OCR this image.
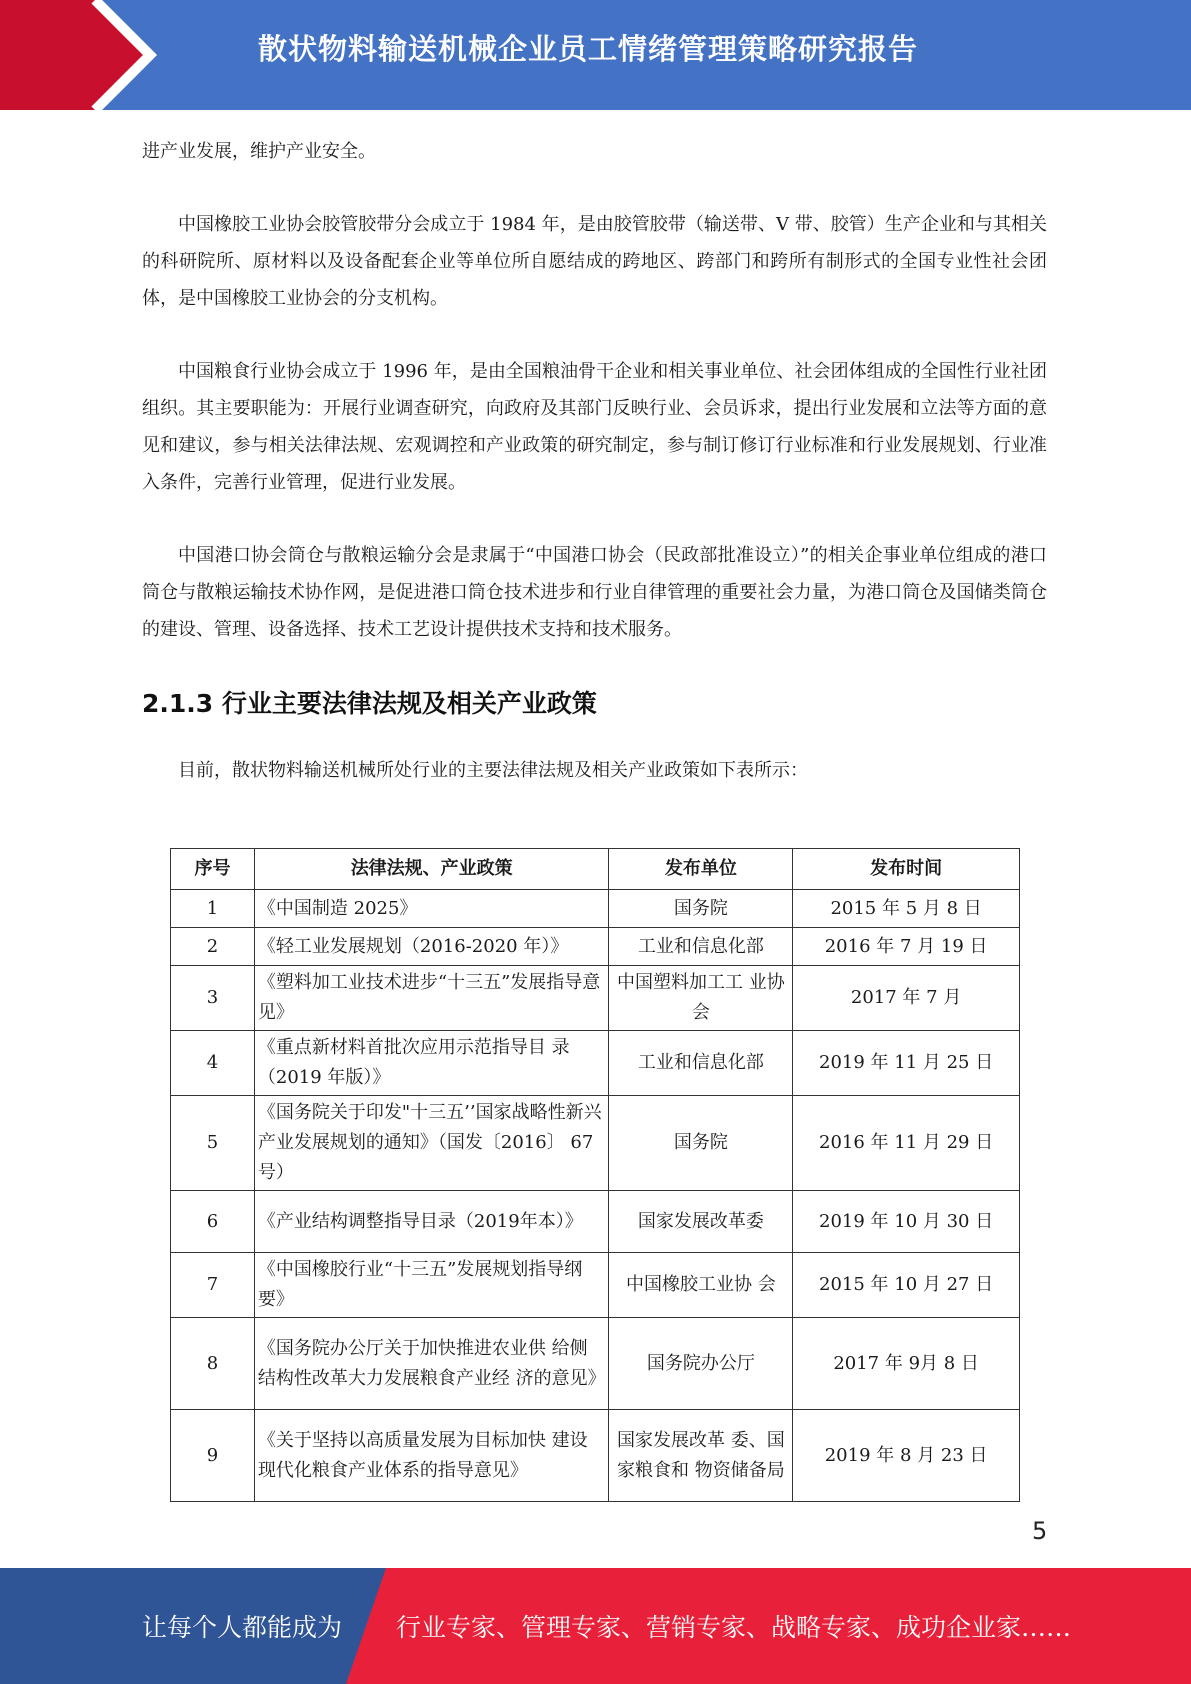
散状物料输送机械企业员工情绪管理策略研究报告

进产业发展，维护产业安全。

中国橡胶工业协会胶管胶带分会成立于 1984 年，是由胶管胶带（输送带、V 带、胶管）生产企业和与其相关的科研院所、原材料以及设备配套企业等单位所自愿结成的跨地区、跨部门和跨所有制形式的全国专业性社会团体，是中国橡胶工业协会的分支机构。

中国粮食行业协会成立于 1996 年，是由全国粮油骨干企业和相关事业单位、社会团体组成的全国性行业社团组织。其主要职能为：开展行业调查研究，向政府及其部门反映行业、会员诉求，提出行业发展和立法等方面的意见和建议，参与相关法律法规、宏观调控和产业政策的研究制定，参与制订修订行业标准和行业发展规划、行业准入条件，完善行业管理，促进行业发展。

中国港口协会筒仓与散粮运输分会是隶属于“中国港口协会（民政部批准设立）”的相关企事业单位组成的港口筒仓与散粮运输技术协作网，是促进港口筒仓技术进步和行业自律管理的重要社会力量，为港口筒仓及国储类筒仓的建设、管理、设备选择、技术工艺设计提供技术支持和技术服务。

2.1.3 行业主要法律法规及相关产业政策

目前，散状物料输送机械所处行业的主要法律法规及相关产业政策如下表所示：

序号	法律法规、产业政策	发布单位	发布时间
1	《中国制造 2025》	国务院	2015 年 5 月 8 日
2	《轻工业发展规划（2016-2020 年）》	工业和信息化部	2016 年 7 月 19 日
3	《塑料加工业技术进步“十三五”发展指导意见》	中国塑料加工工 业协会	2017 年 7 月
4	《重点新材料首批次应用示范指导目 录（2019 年版）》	工业和信息化部	2019 年 11 月 25 日
5	《国务院关于印发"十三五’’国家战略性新兴产业发展规划的通知》（国发〔2016〕 67 号）	国务院	2016 年 11 月 29 日
6	《产业结构调整指导目录（2019年本）》	国家发展改革委	2019 年 10 月 30 日
7	《中国橡胶行业“十三五”发展规划指导纲要》	中国橡胶工业协 会	2015 年 10 月 27 日
8	《国务院办公厅关于加快推进农业供 给侧结构性改革大力发展粮食产业经 济的意见》	国务院办公厅	2017 年 9月 8 日
9	《关于坚持以高质量发展为目标加快 建设现代化粮食产业体系的指导意见》	国家发展改革 委、国家粮食和 物资储备局	2019 年 8 月 23 日
5
让每个人都能成为 行业专家、管理专家、营销专家、战略专家、成功企业家……
